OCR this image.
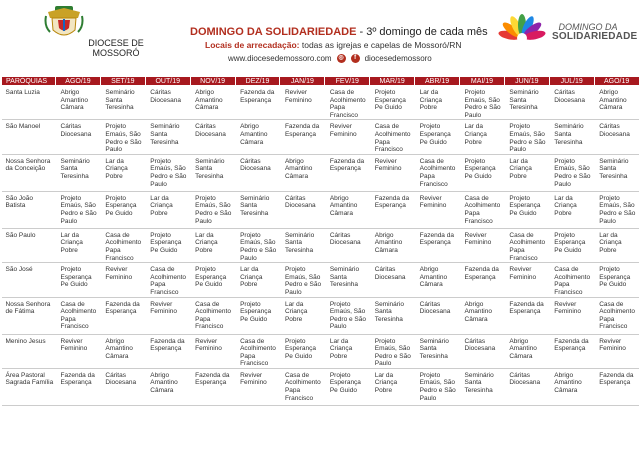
DIOCESE DE MOSSORÓ
DOMINGO DA SOLIDARIEDADE - 3º domingo de cada mês
Locais de arrecadação: todas as igrejas e capelas de Mossoró/RN
www.diocesedemossoro.com	◎	f	diocesedemossoro
DOMINGO DA
SOLIDARIEDADE
PARÓQUIAS	AGO/19	SET/19	OUT/19	NOV/19	DEZ/19	JAN/19	FEV/19	MAR/19	ABR/19	MAI/19	JUN/19	JUL/19	AGO/19
Santa Luzia	Abrigo Amantino Câmara	Seminário Santa Teresinha	Cáritas Diocesana	Abrigo Amantino Câmara	Fazenda da Esperança	Reviver Feminino	Casa de Acolhimento Papa Francisco	Projeto Esperança Pe Guido	Lar da Criança Pobre	Projeto Emaús, São Pedro e São Paulo	Seminário Santa Teresinha	Cáritas Diocesana	Abrigo Amantino Câmara
São Manoel	Cáritas Diocesana	Projeto Emaús, São Pedro e São Paulo	Seminário Santa Teresinha	Cáritas Diocesana	Abrigo Amantino Câmara	Fazenda da Esperança	Reviver Feminino	Casa de Acolhimento Papa Francisco	Projeto Esperança Pe Guido	Lar da Criança Pobre	Projeto Emaús, São Pedro e São Paulo	Seminário Santa Teresinha	Cáritas Diocesana
Nossa Senhora da Conceição	Seminário Santa Teresinha	Lar da Criança Pobre	Projeto Emaús, São Pedro e São Paulo	Seminário Santa Teresinha	Cáritas Diocesana	Abrigo Amantino Câmara	Fazenda da Esperança	Reviver Feminino	Casa de Acolhimento Papa Francisco	Projeto Esperança Pe Guido	Lar da Criança Pobre	Projeto Emaús, São Pedro e São Paulo	Seminário Santa Teresinha
São João Batista	Projeto Emaús, São Pedro e São Paulo	Projeto Esperança Pe Guido	Lar da Criança Pobre	Projeto Emaús, São Pedro e São Paulo	Seminário Santa Teresinha	Cáritas Diocesana	Abrigo Amantino Câmara	Fazenda da Esperança	Reviver Feminino	Casa de Acolhimento Papa Francisco	Projeto Esperança Pe Guido	Lar da Criança Pobre	Projeto Emaús, São Pedro e São Paulo
São Paulo	Lar da Criança Pobre	Casa de Acolhimento Papa Francisco	Projeto Esperança Pe Guido	Lar da Criança Pobre	Projeto Emaús, São Pedro e São Paulo	Seminário Santa Teresinha	Cáritas Diocesana	Abrigo Amantino Câmara	Fazenda da Esperança	Reviver Feminino	Casa de Acolhimento Papa Francisco	Projeto Esperança Pe Guido	Lar da Criança Pobre
São José	Projeto Esperança Pe Guido	Reviver Feminino	Casa de Acolhimento Papa Francisco	Projeto Esperança Pe Guido	Lar da Criança Pobre	Projeto Emaús, São Pedro e São Paulo	Seminário Santa Teresinha	Cáritas Diocesana	Abrigo Amantino Câmara	Fazenda da Esperança	Reviver Feminino	Casa de Acolhimento Papa Francisco	Projeto Esperança Pe Guido
Nossa Senhora de Fátima	Casa de Acolhimento Papa Francisco	Fazenda da Esperança	Reviver Feminino	Casa de Acolhimento Papa Francisco	Projeto Esperança Pe Guido	Lar da Criança Pobre	Projeto Emaús, São Pedro e São Paulo	Seminário Santa Teresinha	Cáritas Diocesana	Abrigo Amantino Câmara	Fazenda da Esperança	Reviver Feminino	Casa de Acolhimento Papa Francisco
Menino Jesus	Reviver Feminino	Abrigo Amantino Câmara	Fazenda da Esperança	Reviver Feminino	Casa de Acolhimento Papa Francisco	Projeto Esperança Pe Guido	Lar da Criança Pobre	Projeto Emaús, São Pedro e São Paulo	Seminário Santa Teresinha	Cáritas Diocesana	Abrigo Amantino Câmara	Fazenda da Esperança	Reviver Feminino
Área Pastoral Sagrada Família	Fazenda da Esperança	Cáritas Diocesana	Abrigo Amantino Câmara	Fazenda da Esperança	Reviver Feminino	Casa de Acolhimento Papa Francisco	Projeto Esperança Pe Guido	Lar da Criança Pobre	Projeto Emaús, São Pedro e São Paulo	Seminário Santa Teresinha	Cáritas Diocesana	Abrigo Amantino Câmara	Fazenda da Esperança
